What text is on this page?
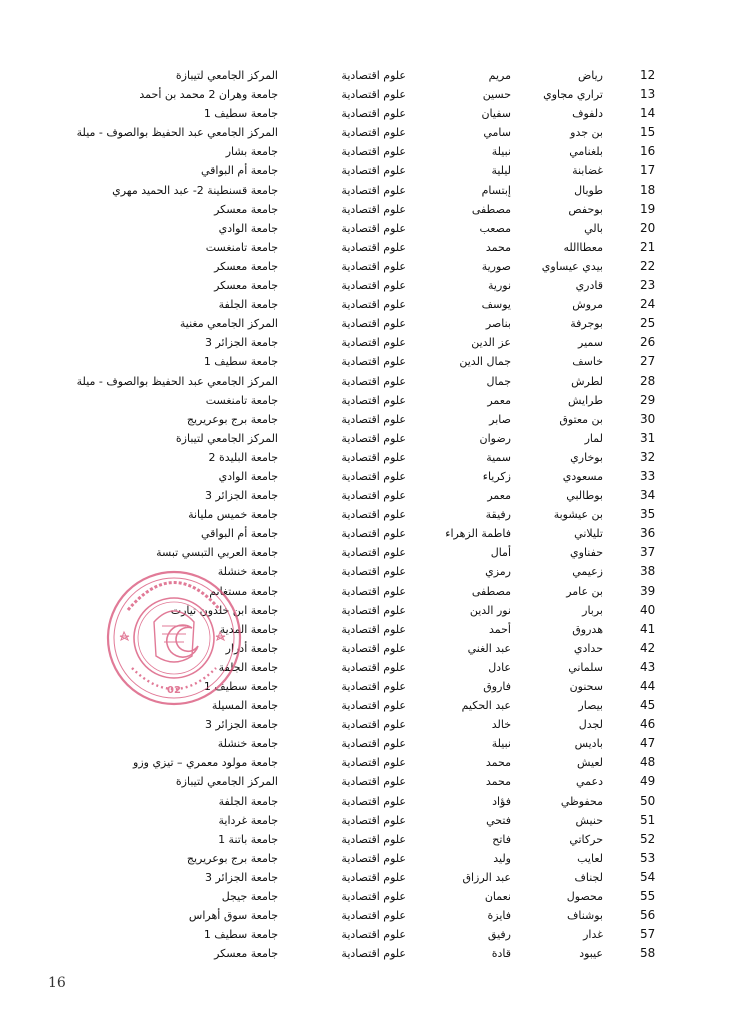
12
رياض
مريم
علوم اقتصادية
المركز الجامعي لتيبازة
13
تراري مجاوي
حسين
علوم اقتصادية
جامعة وهران 2 محمد بن أحمد
14
دلفوف
سفيان
علوم اقتصادية
جامعة سطيف 1
15
بن جدو
سامي
علوم اقتصادية
المركز الجامعي عبد الحفيظ بوالصوف - ميلة
16
بلغنامي
نبيلة
علوم اقتصادية
جامعة بشار
17
غضابنة
ليلية
علوم اقتصادية
جامعة أم البواقي
18
طوبال
إبتسام
علوم اقتصادية
جامعة قسنطينة 2- عبد الحميد مهري
19
بوحفص
مصطفى
علوم اقتصادية
جامعة معسكر
20
بالي
مصعب
علوم اقتصادية
جامعة الوادي
21
معطاالله
محمد
علوم اقتصادية
جامعة تامنغست
22
بيدي عيساوي
صورية
علوم اقتصادية
جامعة معسكر
23
قادري
نورية
علوم اقتصادية
جامعة معسكر
24
مروش
يوسف
علوم اقتصادية
جامعة الجلفة
25
بوجرفة
بناصر
علوم اقتصادية
المركز الجامعي مغنية
26
سمير
عز الدين
علوم اقتصادية
جامعة الجزائر 3
27
خاسف
جمال الدين
علوم اقتصادية
جامعة سطيف 1
28
لطرش
جمال
علوم اقتصادية
المركز الجامعي عبد الحفيظ بوالصوف - ميلة
29
طرايش
معمر
علوم اقتصادية
جامعة تامنغست
30
بن معتوق
صابر
علوم اقتصادية
جامعة برج بوعريريج
31
لمار
رضوان
علوم اقتصادية
المركز الجامعي لتيبازة
32
بوخاري
سمية
علوم اقتصادية
جامعة البليدة 2
33
مسعودي
زكرياء
علوم اقتصادية
جامعة الوادي
34
بوطالبي
معمر
علوم اقتصادية
جامعة الجزائر 3
35
بن عيشوبة
رفيقة
علوم اقتصادية
جامعة خميس مليانة
36
تليلاني
فاطمة الزهراء
علوم اقتصادية
جامعة أم البواقي
37
حفناوي
أمال
علوم اقتصادية
جامعة العربي التبسي تبسة
38
زعيمي
رمزي
علوم اقتصادية
جامعة خنشلة
39
بن عامر
مصطفى
علوم اقتصادية
جامعة مستغانم
40
بربار
نور الدين
علوم اقتصادية
جامعة ابن خلدون تيارت
41
هدروق
أحمد
علوم اقتصادية
جامعة المدية
42
حدادي
عبد الغني
علوم اقتصادية
جامعة أدرار
43
سلماني
عادل
علوم اقتصادية
جامعة الجلفة
44
سحنون
فاروق
علوم اقتصادية
جامعة سطيف 1
45
بيصار
عبد الحكيم
علوم اقتصادية
جامعة المسيلة
46
لجدل
خالد
علوم اقتصادية
جامعة الجزائر 3
47
باديس
نبيلة
علوم اقتصادية
جامعة خنشلة
48
لعيش
محمد
علوم اقتصادية
جامعة مولود معمري – تيزي وزو
49
دعمي
محمد
علوم اقتصادية
المركز الجامعي لتيبازة
50
محفوظي
فؤاد
علوم اقتصادية
جامعة الجلفة
51
حنيش
فتحي
علوم اقتصادية
جامعة غرداية
52
حركاتي
فاتح
علوم اقتصادية
جامعة باتنة 1
53
لعايب
وليد
علوم اقتصادية
جامعة برج بوعريريج
54
لجناف
عبد الرزاق
علوم اقتصادية
جامعة الجزائر 3
55
محصول
نعمان
علوم اقتصادية
جامعة جيجل
56
بوشناف
فايزة
علوم اقتصادية
جامعة سوق أهراس
57
غدار
رفيق
علوم اقتصادية
جامعة سطيف 1
58
عيبود
قادة
علوم اقتصادية
جامعة معسكر
02
16
